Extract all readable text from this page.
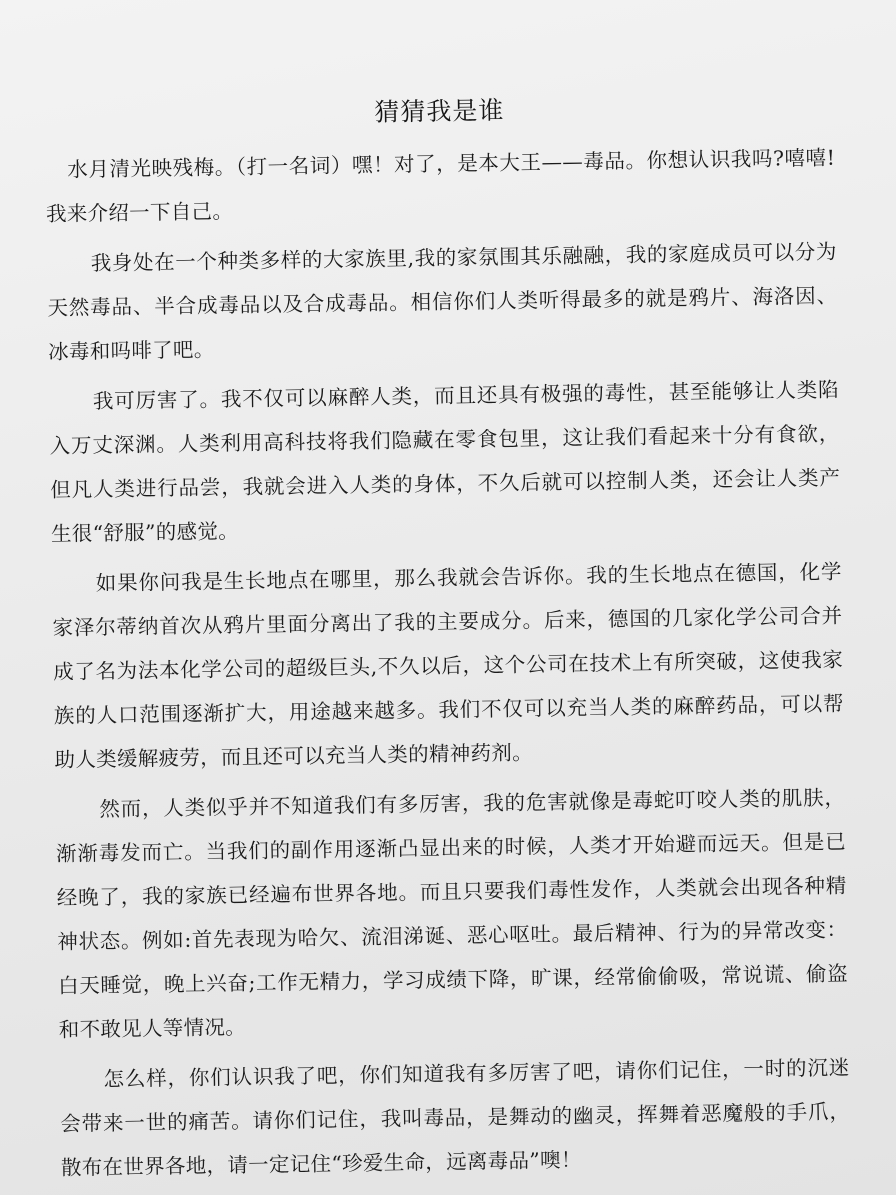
猜猜我是谁

水月清光映残梅。（打一名词）嘿！对了，是本大王——毒品。你想认识我吗?嘻嘻!我来介绍一下自己。

我身处在一个种类多样的大家族里,我的家氛围其乐融融，我的家庭成员可以分为天然毒品、半合成毒品以及合成毒品。相信你们人类听得最多的就是鸦片、海洛因、冰毒和吗啡了吧。

我可厉害了。我不仅可以麻醉人类，而且还具有极强的毒性，甚至能够让人类陷入万丈深渊。人类利用高科技将我们隐藏在零食包里，这让我们看起来十分有食欲，但凡人类进行品尝，我就会进入人类的身体，不久后就可以控制人类，还会让人类产生很“舒服”的感觉。

如果你问我是生长地点在哪里，那么我就会告诉你。我的生长地点在德国，化学家泽尔蒂纳首次从鸦片里面分离出了我的主要成分。后来，德国的几家化学公司合并成了名为法本化学公司的超级巨头,不久以后，这个公司在技术上有所突破，这使我家族的人口范围逐渐扩大，用途越来越多。我们不仅可以充当人类的麻醉药品，可以帮助人类缓解疲劳，而且还可以充当人类的精神药剂。

然而，人类似乎并不知道我们有多厉害，我的危害就像是毒蛇叮咬人类的肌肤，渐渐毒发而亡。当我们的副作用逐渐凸显出来的时候，人类才开始避而远天。但是已经晚了，我的家族已经遍布世界各地。而且只要我们毒性发作，人类就会出现各种精神状态。例如:首先表现为哈欠、流泪涕诞、恶心呕吐。最后精神、行为的异常改变：白天睡觉，晚上兴奋;工作无精力，学习成绩下降，旷课，经常偷偷吸，常说谎、偷盗和不敢见人等情况。

怎么样，你们认识我了吧，你们知道我有多厉害了吧，请你们记住，一时的沉迷会带来一世的痛苦。请你们记住，我叫毒品，是舞动的幽灵，挥舞着恶魔般的手爪，散布在世界各地，请一定记住“珍爱生命，远离毒品”噢！
